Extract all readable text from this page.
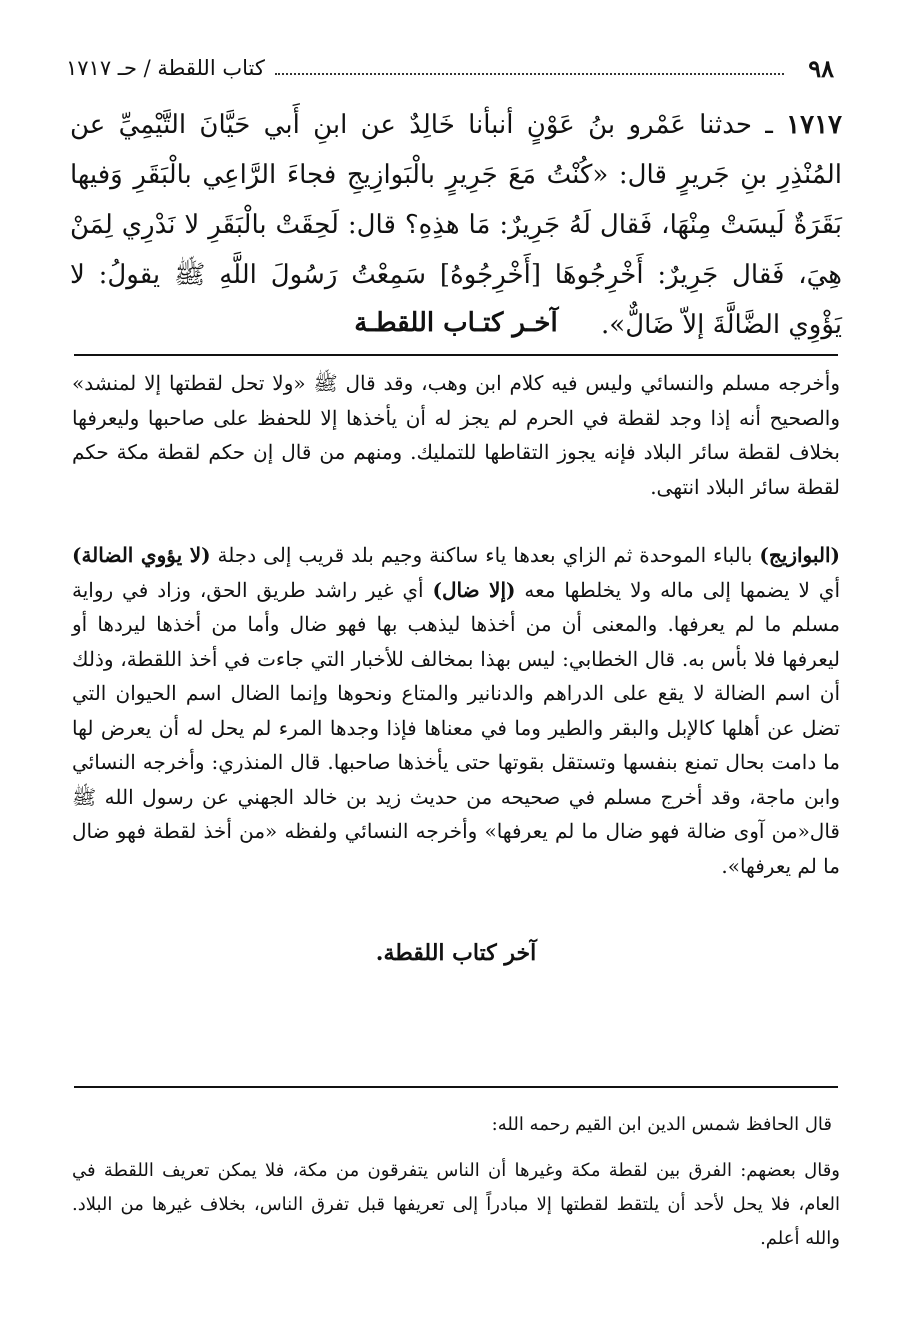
٩٨
كتاب اللقطة / حـ ١٧١٧
١٧١٧ ـ حدثنا عَمْرو بنُ عَوْنٍ أنبأنا خَالِدٌ عن ابنِ أَبي حَيَّانَ التَّيْمِيِّ عن المُنْذِرِ بنِ جَريرٍ قال: «كُنْتُ مَعَ جَرِيرٍ بالْبَوازِيجِ فجاءَ الرَّاعِي بالْبَقَرِ وَفيها بَقَرَةٌ لَيسَتْ مِنْهَا، فَقال لَهُ جَرِيرٌ: مَا هذِهِ؟ قال: لَحِقَتْ بالْبَقَرِ لا نَدْرِي لِمَنْ هِيَ، فَقال جَرِيرٌ: أَخْرِجُوهَا [أَخْرِجُوهُ] سَمِعْتُ رَسُولَ اللَّهِ ﷺ يقولُ: لا يَؤْوِي الضَّالَّةَ إلاّ ضَالٌّ».
آخـر كتـاب اللقطـة

وأخرجه مسلم والنسائي وليس فيه كلام ابن وهب، وقد قال ﷺ «ولا تحل لقطتها إلا لمنشد» والصحيح أنه إذا وجد لقطة في الحرم لم يجز له أن يأخذها إلا للحفظ على صاحبها وليعرفها بخلاف لقطة سائر البلاد فإنه يجوز التقاطها للتمليك. ومنهم من قال إن حكم لقطة مكة حكم لقطة سائر البلاد انتهى.

(البوازيج) بالباء الموحدة ثم الزاي بعدها ياء ساكنة وجيم بلد قريب إلى دجلة (لا يؤوي الضالة) أي لا يضمها إلى ماله ولا يخلطها معه (إلا ضال) أي غير راشد طريق الحق، وزاد في رواية مسلم ما لم يعرفها. والمعنى أن من أخذها ليذهب بها فهو ضال وأما من أخذها ليردها أو ليعرفها فلا بأس به. قال الخطابي: ليس بهذا بمخالف للأخبار التي جاءت في أخذ اللقطة، وذلك أن اسم الضالة لا يقع على الدراهم والدنانير والمتاع ونحوها وإنما الضال اسم الحيوان التي تضل عن أهلها كالإبل والبقر والطير وما في معناها فإذا وجدها المرء لم يحل له أن يعرض لها ما دامت بحال تمنع بنفسها وتستقل بقوتها حتى يأخذها صاحبها. قال المنذري: وأخرجه النسائي وابن ماجة، وقد أخرج مسلم في صحيحه من حديث زيد بن خالد الجهني عن رسول الله ﷺ قال«من آوى ضالة فهو ضال ما لم يعرفها» وأخرجه النسائي ولفظه «من أخذ لقطة فهو ضال ما لم يعرفها».

آخر كتاب اللقطة.

قال الحافظ شمس الدين ابن القيم رحمه الله:

وقال بعضهم: الفرق بين لقطة مكة وغيرها أن الناس يتفرقون من مكة، فلا يمكن تعريف اللقطة في العام، فلا يحل لأحد أن يلتقط لقطتها إلا مبادراً إلى تعريفها قبل تفرق الناس، بخلاف غيرها من البلاد. والله أعلم.
